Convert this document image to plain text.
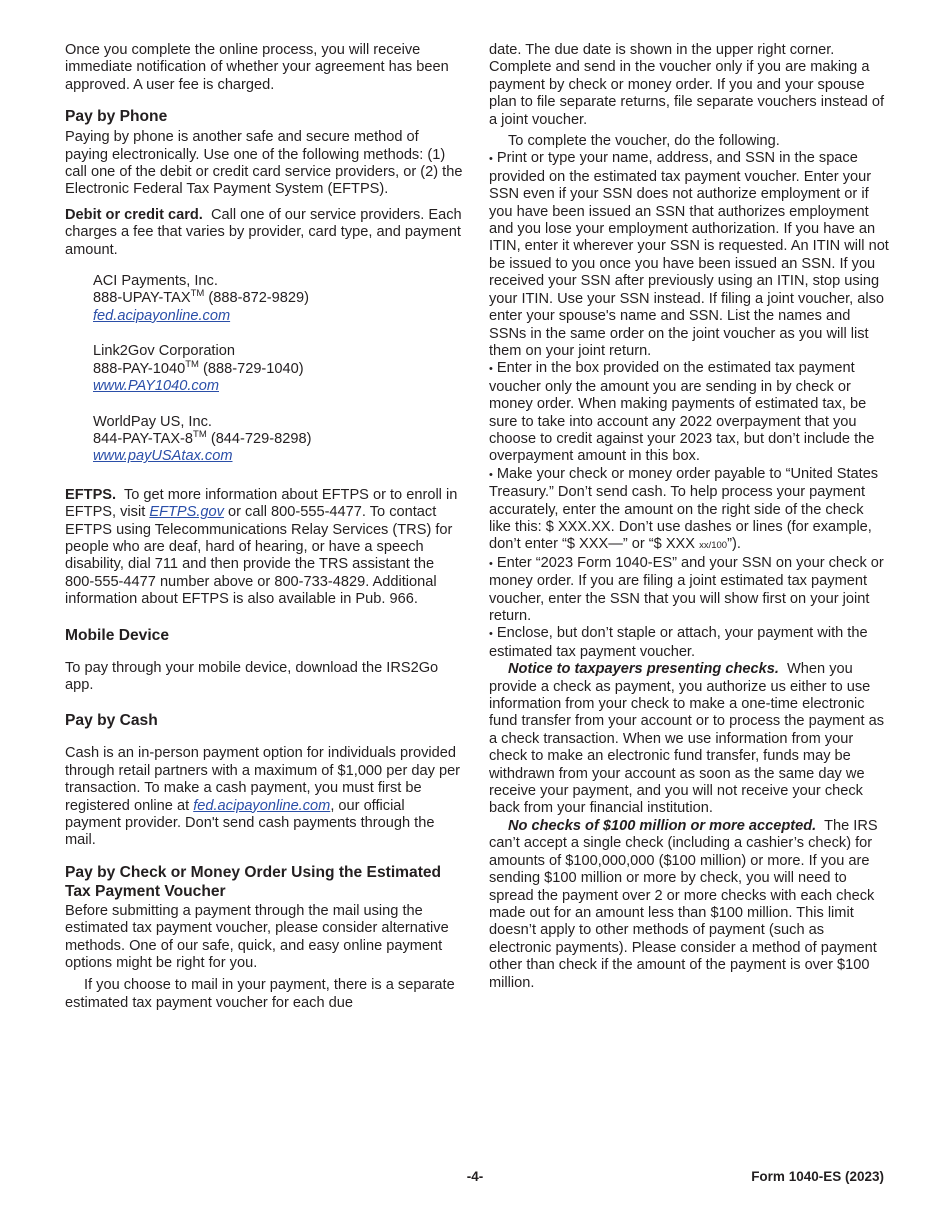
Once you complete the online process, you will receive immediate notification of whether your agreement has been approved. A user fee is charged.

Pay by Phone

Paying by phone is another safe and secure method of paying electronically. Use one of the following methods: (1) call one of the debit or credit card service providers, or (2) the Electronic Federal Tax Payment System (EFTPS).

Debit or credit card. Call one of our service providers. Each charges a fee that varies by provider, card type, and payment amount.

ACI Payments, Inc.
888-UPAY-TAX™ (888-872-9829)
fed.acipayonline.com
Link2Gov Corporation
888-PAY-1040™ (888-729-1040)
www.PAY1040.com
WorldPay US, Inc.
844-PAY-TAX-8™ (844-729-8298)
www.payUSAtax.com

EFTPS. To get more information about EFTPS or to enroll in EFTPS, visit EFTPS.gov or call 800-555-4477. To contact EFTPS using Telecommunications Relay Services (TRS) for people who are deaf, hard of hearing, or have a speech disability, dial 711 and then provide the TRS assistant the 800-555-4477 number above or 800-733-4829. Additional information about EFTPS is also available in Pub. 966.

Mobile Device

To pay through your mobile device, download the IRS2Go app.

Pay by Cash

Cash is an in-person payment option for individuals provided through retail partners with a maximum of $1,000 per day per transaction. To make a cash payment, you must first be registered online at fed.acipayonline.com, our official payment provider. Don't send cash payments through the mail.

Pay by Check or Money Order Using the Estimated Tax Payment Voucher

Before submitting a payment through the mail using the estimated tax payment voucher, please consider alternative methods. One of our safe, quick, and easy online payment options might be right for you.

If you choose to mail in your payment, there is a separate estimated tax payment voucher for each due

date. The due date is shown in the upper right corner. Complete and send in the voucher only if you are making a payment by check or money order. If you and your spouse plan to file separate returns, file separate vouchers instead of a joint voucher.

To complete the voucher, do the following.

• Print or type your name, address, and SSN in the space provided on the estimated tax payment voucher. Enter your SSN even if your SSN does not authorize employment or if you have been issued an SSN that authorizes employment and you lose your employment authorization. If you have an ITIN, enter it wherever your SSN is requested. An ITIN will not be issued to you once you have been issued an SSN. If you received your SSN after previously using an ITIN, stop using your ITIN. Use your SSN instead. If filing a joint voucher, also enter your spouse's name and SSN. List the names and SSNs in the same order on the joint voucher as you will list them on your joint return.

• Enter in the box provided on the estimated tax payment voucher only the amount you are sending in by check or money order. When making payments of estimated tax, be sure to take into account any 2022 overpayment that you choose to credit against your 2023 tax, but don’t include the overpayment amount in this box.

• Make your check or money order payable to “United States Treasury.” Don’t send cash. To help process your payment accurately, enter the amount on the right side of the check like this: $ XXX.XX. Don’t use dashes or lines (for example, don’t enter “$ XXX—” or “$ XXX xx/100”).

• Enter “2023 Form 1040-ES” and your SSN on your check or money order. If you are filing a joint estimated tax payment voucher, enter the SSN that you will show first on your joint return.

• Enclose, but don’t staple or attach, your payment with the estimated tax payment voucher.

Notice to taxpayers presenting checks. When you provide a check as payment, you authorize us either to use information from your check to make a one-time electronic fund transfer from your account or to process the payment as a check transaction. When we use information from your check to make an electronic fund transfer, funds may be withdrawn from your account as soon as the same day we receive your payment, and you will not receive your check back from your financial institution.

No checks of $100 million or more accepted. The IRS can’t accept a single check (including a cashier’s check) for amounts of $100,000,000 ($100 million) or more. If you are sending $100 million or more by check, you will need to spread the payment over 2 or more checks with each check made out for an amount less than $100 million. This limit doesn’t apply to other methods of payment (such as electronic payments). Please consider a method of payment other than check if the amount of the payment is over $100 million.

-4-	Form 1040-ES (2023)
